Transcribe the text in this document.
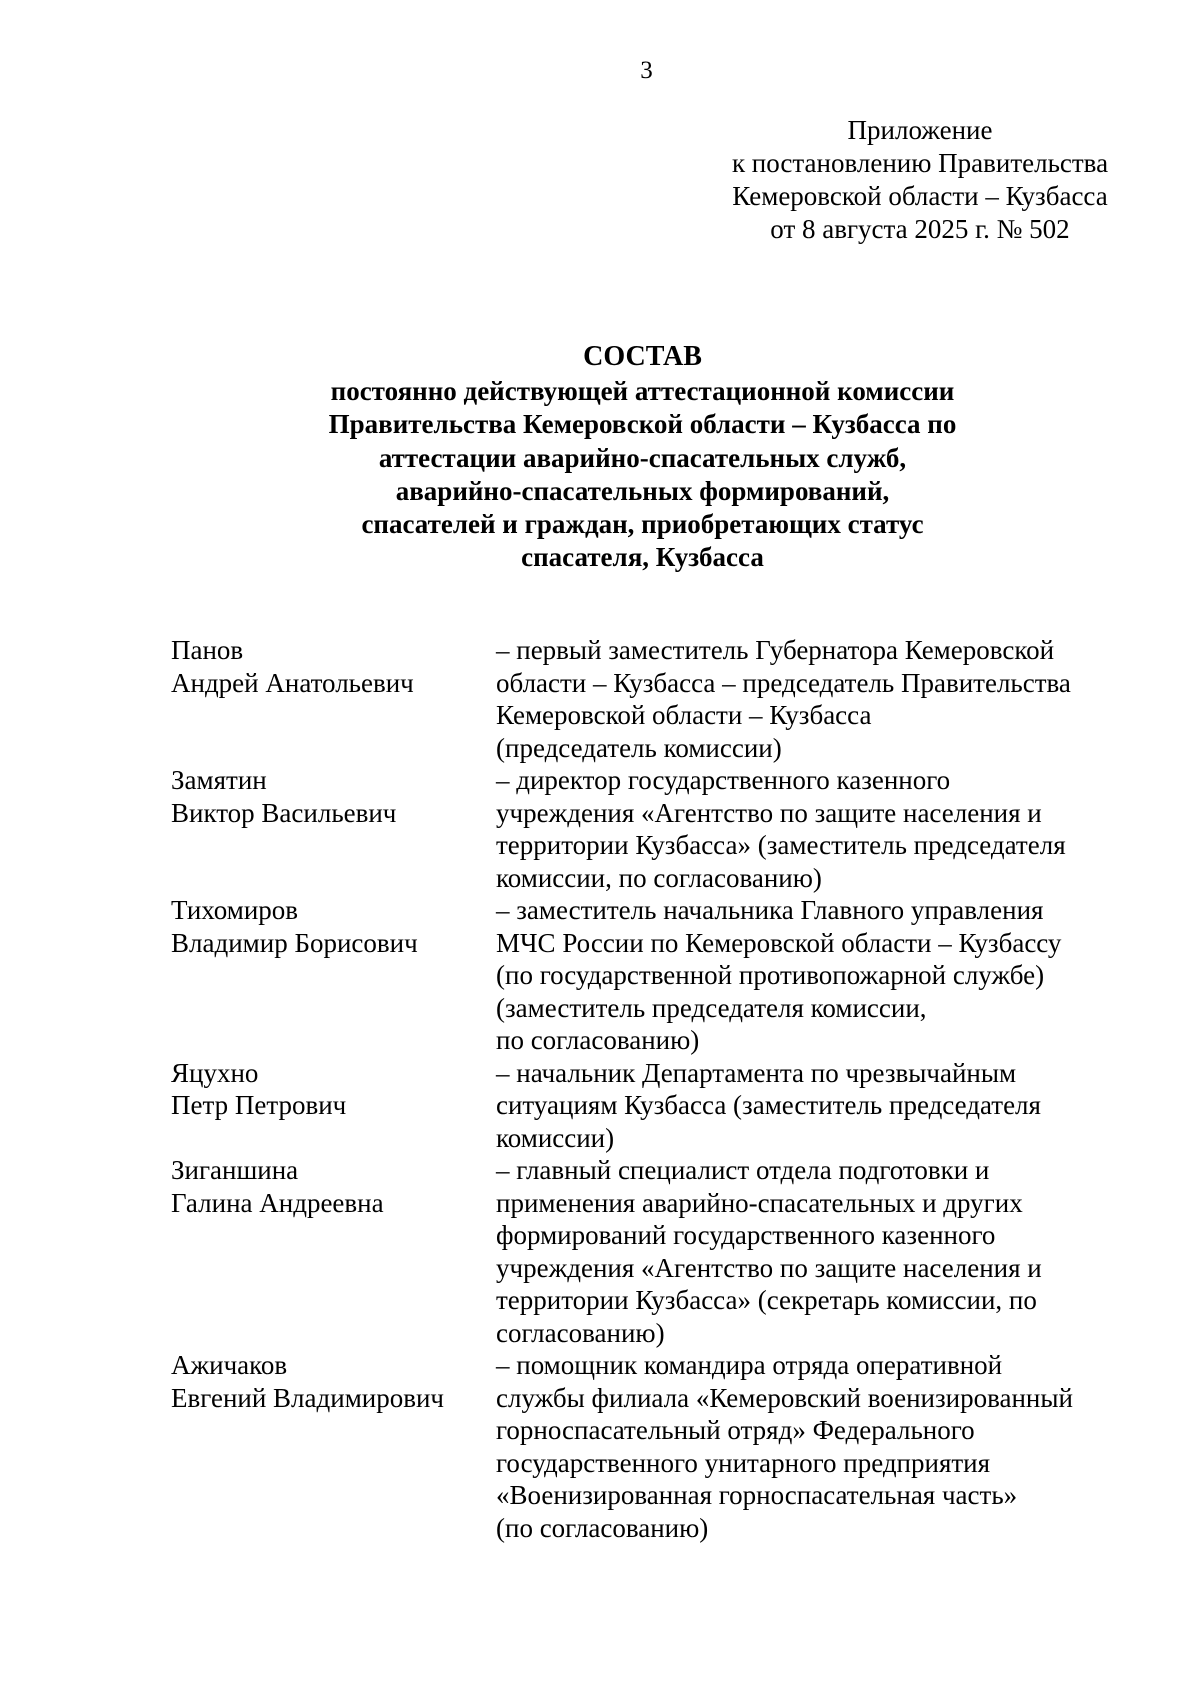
3
Приложение
к постановлению Правительства
Кемеровской области – Кузбасса
от 8 августа 2025 г. № 502
СОСТАВ
постоянно действующей аттестационной комиссии
Правительства Кемеровской области – Кузбасса по
аттестации аварийно-спасательных служб,
аварийно-спасательных формирований,
спасателей и граждан, приобретающих статус
спасателя, Кузбасса
Панов
Андрей Анатольевич
– первый заместитель Губернатора Кемеровской
области – Кузбасса – председатель Правительства
Кемеровской области – Кузбасса
(председатель комиссии)
Замятин
Виктор Васильевич
– директор государственного казенного
учреждения «Агентство по защите населения и
территории Кузбасса» (заместитель председателя
комиссии, по согласованию)
Тихомиров
Владимир Борисович
– заместитель начальника Главного управления
МЧС России по Кемеровской области – Кузбассу
(по государственной противопожарной службе)
(заместитель председателя комиссии,
по согласованию)
Яцухно
Петр Петрович
– начальник Департамента по чрезвычайным
ситуациям Кузбасса (заместитель председателя
комиссии)
Зиганшина
Галина Андреевна
– главный специалист отдела подготовки и
применения аварийно-спасательных и других
формирований государственного казенного
учреждения «Агентство по защите населения и
территории Кузбасса» (секретарь комиссии, по
согласованию)
Ажичаков
Евгений Владимирович
– помощник командира отряда оперативной
службы филиала «Кемеровский военизированный
горноспасательный отряд» Федерального
государственного унитарного предприятия
«Военизированная горноспасательная часть»
(по согласованию)
